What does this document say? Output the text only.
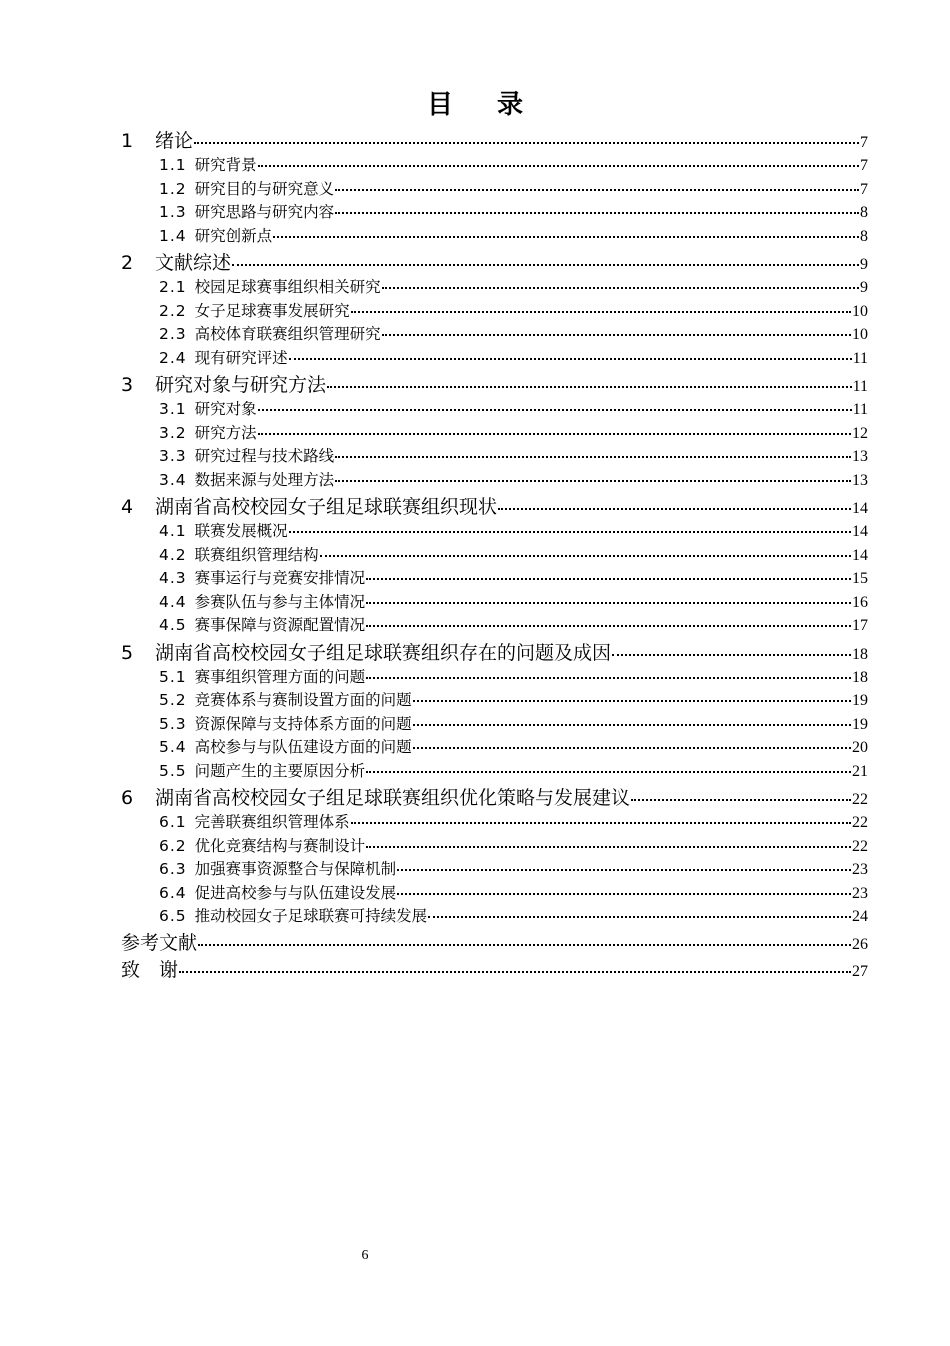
目 录
1	绪论	7
1.1 研究背景	7
1.2 研究目的与研究意义	7
1.3 研究思路与研究内容	8
1.4 研究创新点	8
2	文献综述	9
2.1 校园足球赛事组织相关研究	9
2.2 女子足球赛事发展研究	10
2.3 高校体育联赛组织管理研究	10
2.4 现有研究评述	11
3	研究对象与研究方法	11
3.1 研究对象	11
3.2 研究方法	12
3.3 研究过程与技术路线	13
3.4 数据来源与处理方法	13
4	湖南省高校校园女子组足球联赛组织现状	14
4.1 联赛发展概况	14
4.2 联赛组织管理结构	14
4.3 赛事运行与竞赛安排情况	15
4.4 参赛队伍与参与主体情况	16
4.5 赛事保障与资源配置情况	17
5	湖南省高校校园女子组足球联赛组织存在的问题及成因	18
5.1 赛事组织管理方面的问题	18
5.2 竞赛体系与赛制设置方面的问题	19
5.3 资源保障与支持体系方面的问题	19
5.4 高校参与与队伍建设方面的问题	20
5.5 问题产生的主要原因分析	21
6	湖南省高校校园女子组足球联赛组织优化策略与发展建议	22
6.1 完善联赛组织管理体系	22
6.2 优化竞赛结构与赛制设计	22
6.3 加强赛事资源整合与保障机制	23
6.4 促进高校参与与队伍建设发展	23
6.5 推动校园女子足球联赛可持续发展	24
参考文献	26
致　谢	27
6
